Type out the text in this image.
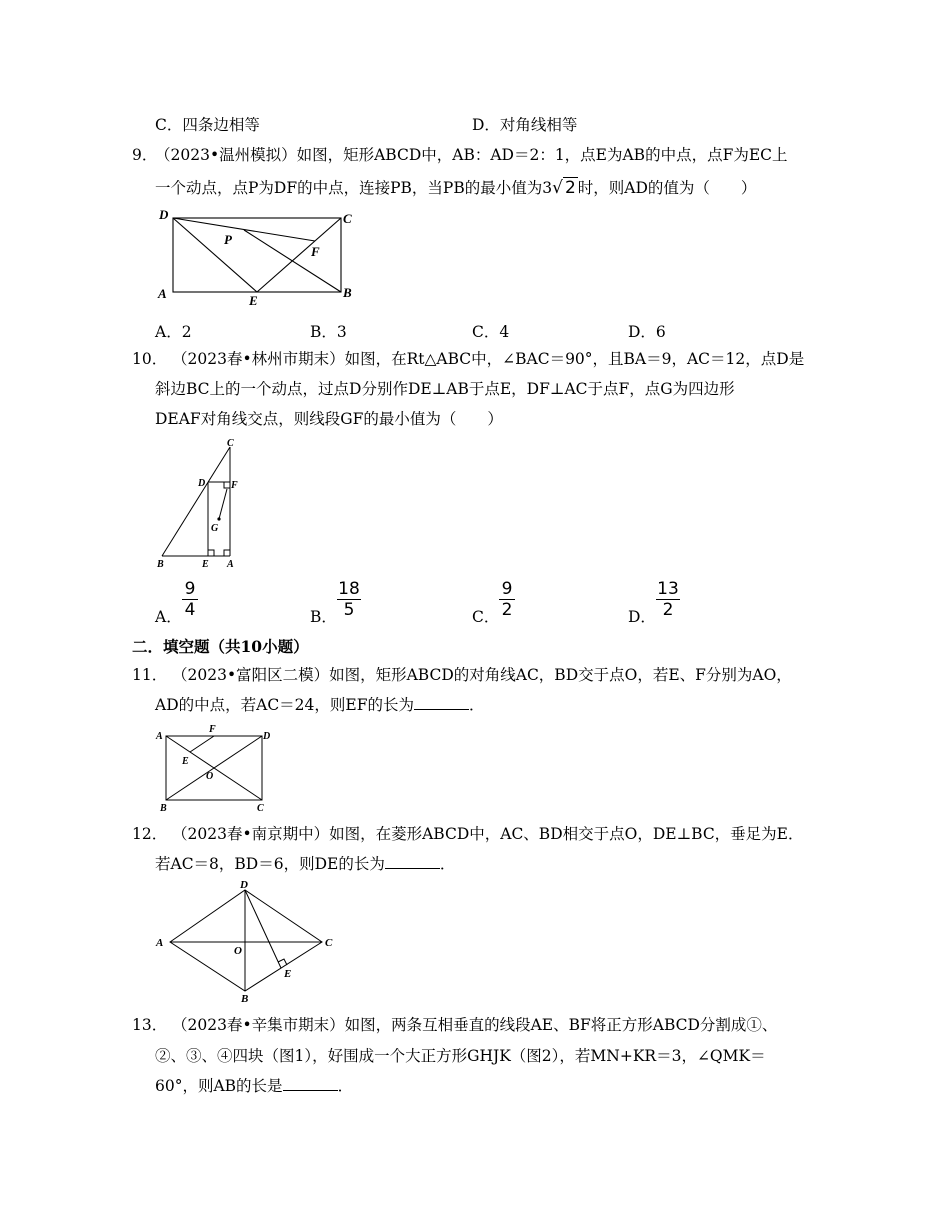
C．四条边相等	D．对角线相等
9．
（2023•温州模拟）如图，矩形ABCD中，AB：AD＝2：1，点E为AB的中点，点F为EC上
一个动点，点P为DF的中点，连接PB，当PB的最小值为3√ 2 时，则AD的值为（　　）
D	C
A	B
E
P
F
A．2	B．3	C．4	D．6
10． （2023春•林州市期末）如图，在Rt△ABC中，∠BAC＝90°，且BA＝9，AC＝12，点D是
斜边BC上的一个动点，过点D分别作DE⊥AB于点E，DF⊥AC于点F，点G为四边形
DEAF对角线交点，则线段GF的最小值为（　　）
C
D	F
G
B	E A
A．
9
4	B．
18
5	C．
9
2	D．
13
2
二．填空题（共10小题）
11． （2023•富阳区二模）如图，矩形ABCD的对角线AC，BD交于点O，若E、F分别为AO，
AD的中点，若AC＝24，则EF的长为	．
A
F
D
E
O
B	C
12． （2023春•南京期中）如图，在菱形ABCD中，AC、BD相交于点O，DE⊥BC，垂足为E．
若AC＝8，BD＝6，则DE的长为	．
D
A
O
C
E
B
13． （2023春•辛集市期末）如图，两条互相垂直的线段AE、BF将正方形ABCD分割成①、
②、③、④四块（图1），好围成一个大正方形GHJK（图2），若MN+KR＝3，∠QMK＝
60°，则AB的长是	．
